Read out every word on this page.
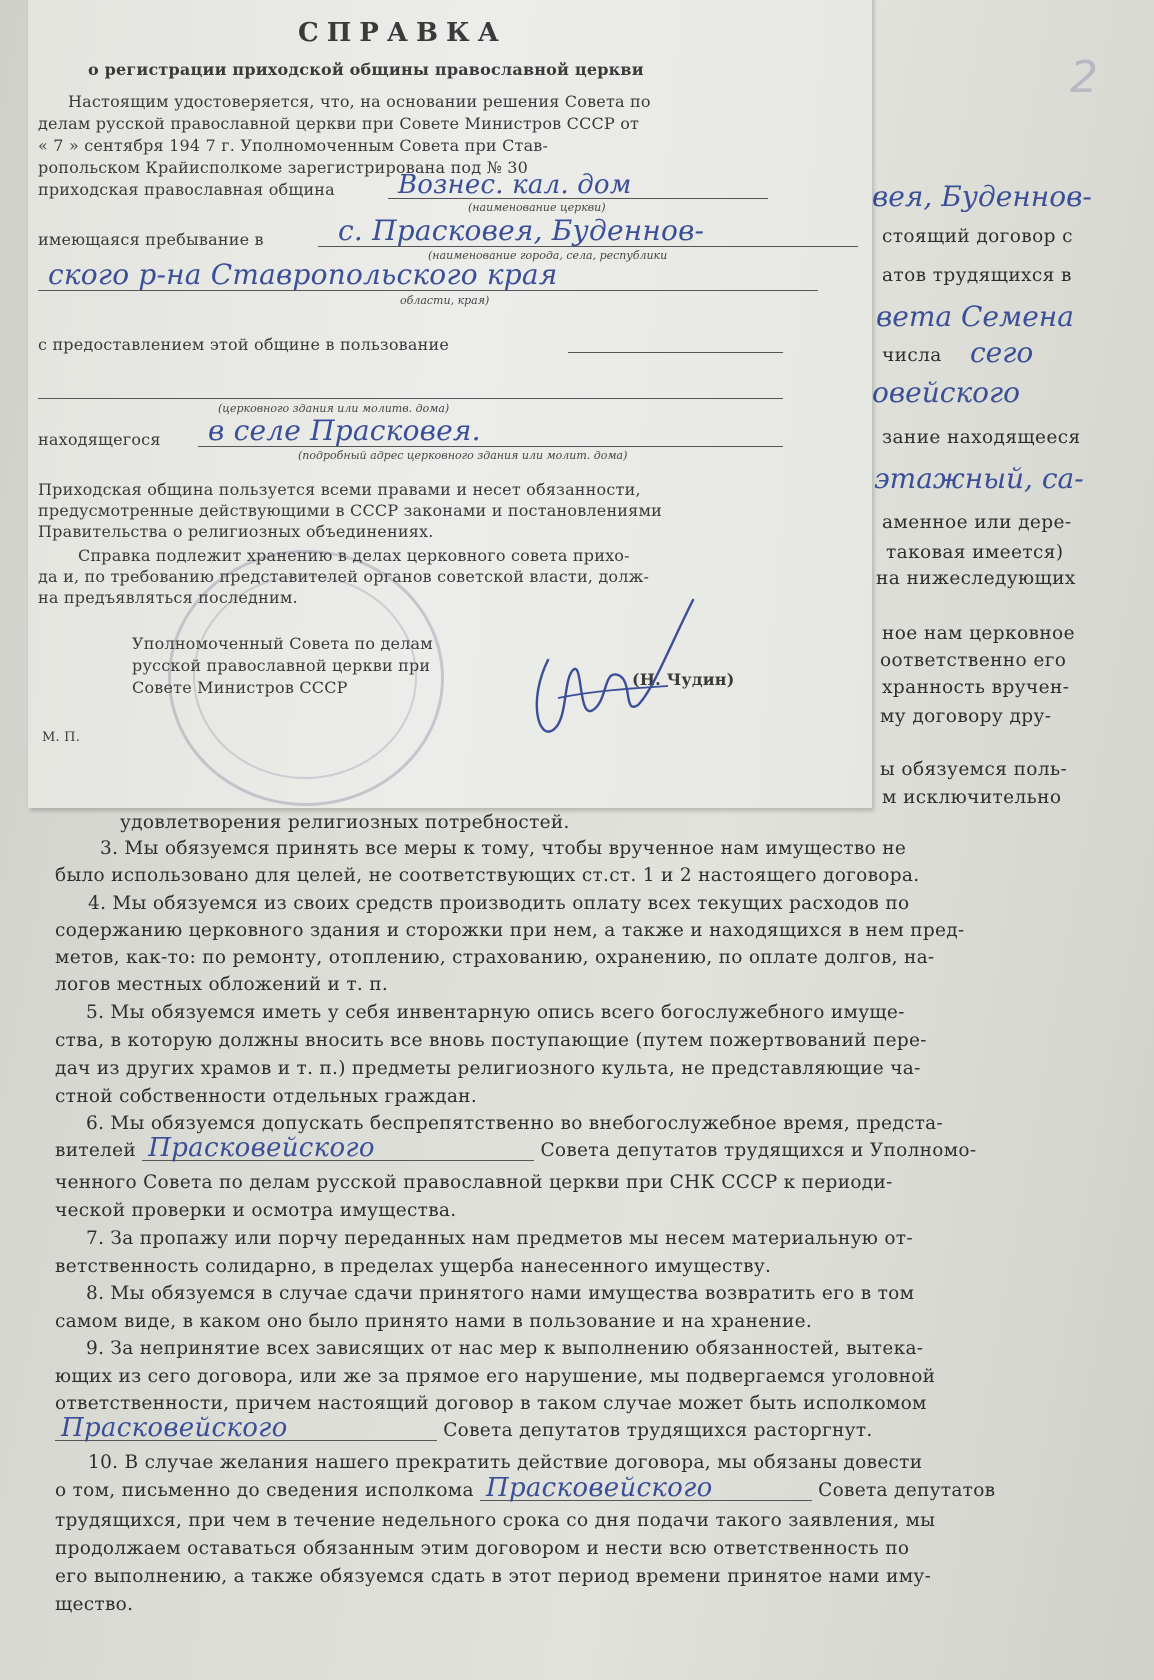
2
вея, Буденнов-
стоящий договор с
атов трудящихся в
вета Семена
числа сего
овейского
зание находящееся
этажный, са-
аменное или дере-
таковая имеется)
на нижеследующих
ное нам церковное
оответственно его
хранность вручен-
му договору дру-
ы обязуемся поль-
м исключительно
удовлетворения религиозных потребностей.
3. Мы обязуемся принять все меры к тому, чтобы врученное нам имущество не
было использовано для целей, не соответствующих ст.ст. 1 и 2 настоящего договора.
4. Мы обязуемся из своих средств производить оплату всех текущих расходов по
содержанию церковного здания и сторожки при нем, а также и находящихся в нем пред-
метов, как-то: по ремонту, отоплению, страхованию, охранению, по оплате долгов, на-
логов местных обложений и т. п.
5. Мы обязуемся иметь у себя инвентарную опись всего богослужебного имуще-
ства, в которую должны вносить все вновь поступающие (путем пожертвований пере-
дач из других храмов и т. п.) предметы религиозного культа, не представляющие ча-
стной собственности отдельных граждан.
6. Мы обязуемся допускать беспрепятственно во внебогослужебное время, предста-
вителей Прасковейского	Совета депутатов трудящихся и Уполномо-
ченного Совета по делам русской православной церкви при СНК СССР к периоди-
ческой проверки и осмотра имущества.
7. За пропажу или порчу переданных нам предметов мы несем материальную от-
ветственность солидарно, в пределах ущерба нанесенного имуществу.
8. Мы обязуемся в случае сдачи принятого нами имущества возвратить его в том
самом виде, в каком оно было принято нами в пользование и на хранение.
9. За непринятие всех зависящих от нас мер к выполнению обязанностей, вытека-
ющих из сего договора, или же за прямое его нарушение, мы подвергаемся уголовной
ответственности, причем настоящий договор в таком случае может быть исполкомом
Прасковейского	Совета депутатов трудящихся расторгнут.
10. В случае желания нашего прекратить действие договора, мы обязаны довести
о том, письменно до сведения исполкома Прасковейского	Совета депутатов
трудящихся, при чем в течение недельного срока со дня подачи такого заявления, мы
продолжаем оставаться обязанным этим договором и нести всю ответственность по
его выполнению, а также обязуемся сдать в этот период времени принятое нами иму-
щество.
СПРАВКА
о регистрации приходской общины православной церкви
Настоящим удостоверяется, что, на основании решения Совета по
делам русской православной церкви при Совете Министров СССР от
« 7 » сентября 194 7 г. Уполномоченным Совета при Став-
ропольском Крайисполкоме зарегистрирована под № 30
приходская православная община Вознес. кал. дом
(наименование церкви)
имеющаяся пребывание в	с. Прасковея, Буденнов-
(наименование города, села, республики
ского р-на Ставропольского края
области, края)
с предоставлением этой общине в пользование
(церковного здания или молитв. дома)
находящегося в селе Прасковея.
(подробный адрес церковного здания или молит. дома)
Приходская община пользуется всеми правами и несет обязанности,
предусмотренные действующими в СССР законами и постановлениями
Правительства о религиозных объединениях.
Справка подлежит хранению в делах церковного совета прихо-
да и, по требованию представителей органов советской власти, долж-
на предъявляться последним.
Уполномоченный Совета по делам
русской православной церкви при
Совете Министров СССР	(Н. Чудин)
М. П.
